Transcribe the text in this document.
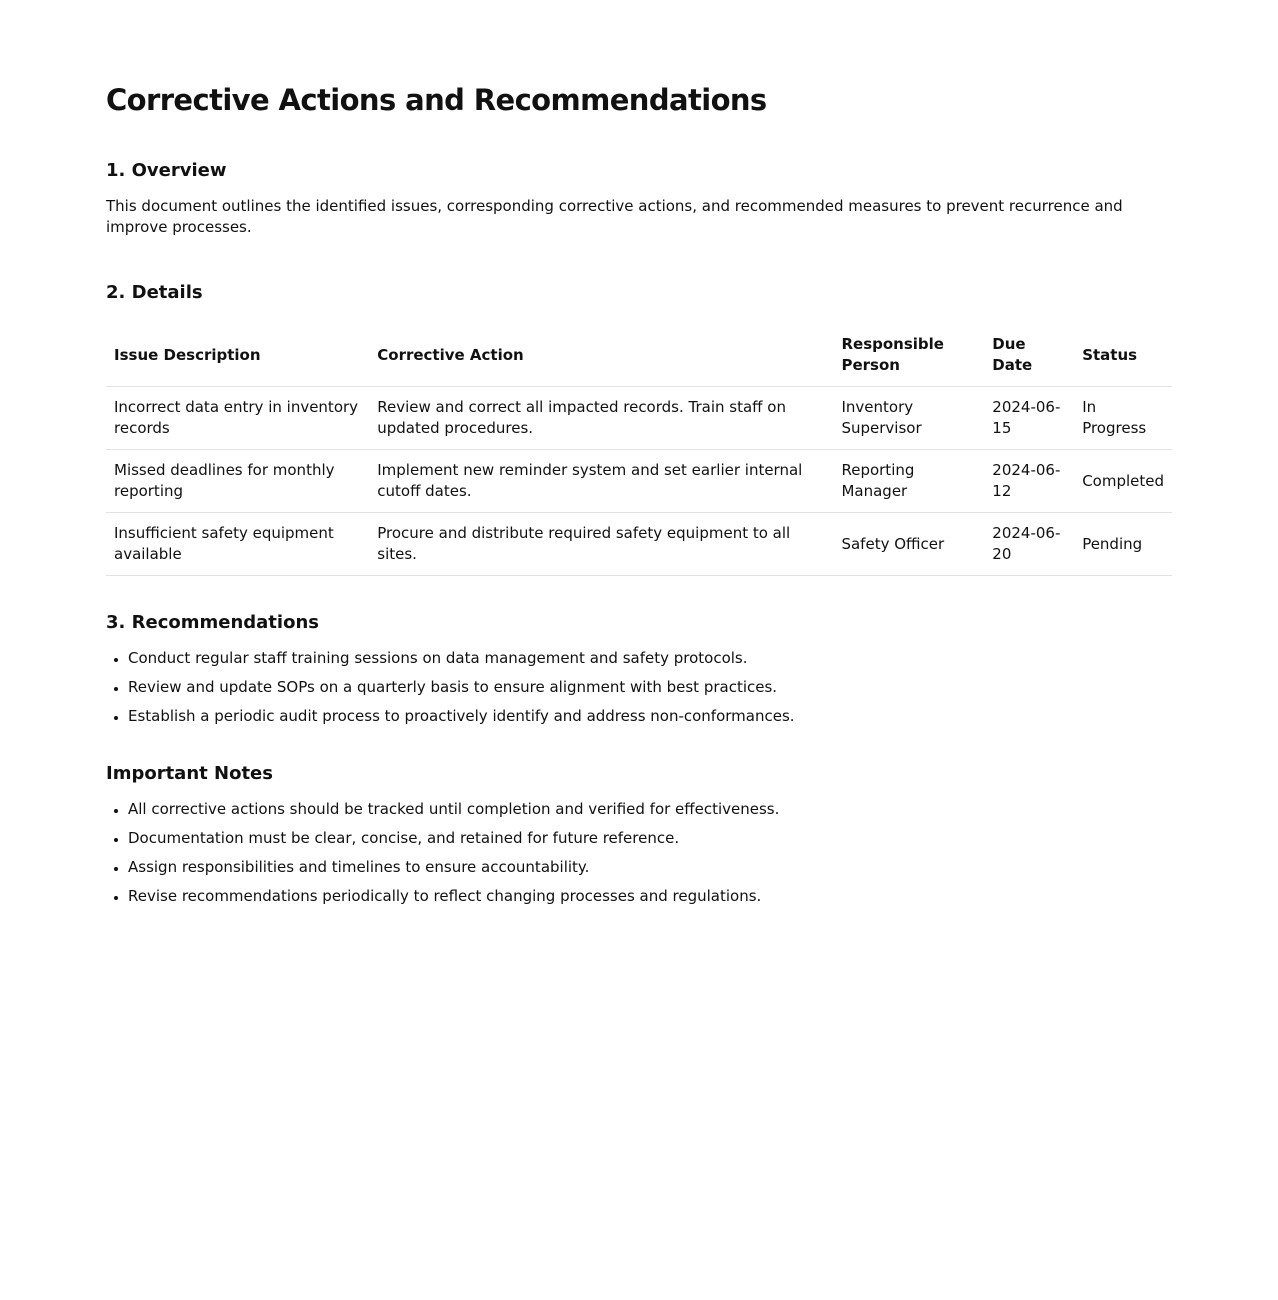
Corrective Actions and Recommendations
1. Overview

This document outlines the identified issues, corresponding corrective actions, and recommended measures to prevent recurrence and improve processes.

2. Details
Issue Description	Corrective Action	Responsible Person	Due Date	Status
Incorrect data entry in inventory records	Review and correct all impacted records. Train staff on updated procedures.	Inventory Supervisor	2024-06-15	In Progress
Missed deadlines for monthly reporting	Implement new reminder system and set earlier internal cutoff dates.	Reporting Manager	2024-06-12	Completed
Insufficient safety equipment available	Procure and distribute required safety equipment to all sites.	Safety Officer	2024-06-20	Pending
3. Recommendations
• Conduct regular staff training sessions on data management and safety protocols.
• Review and update SOPs on a quarterly basis to ensure alignment with best practices.
• Establish a periodic audit process to proactively identify and address non-conformances.
Important Notes
• All corrective actions should be tracked until completion and verified for effectiveness.
• Documentation must be clear, concise, and retained for future reference.
• Assign responsibilities and timelines to ensure accountability.
• Revise recommendations periodically to reflect changing processes and regulations.
